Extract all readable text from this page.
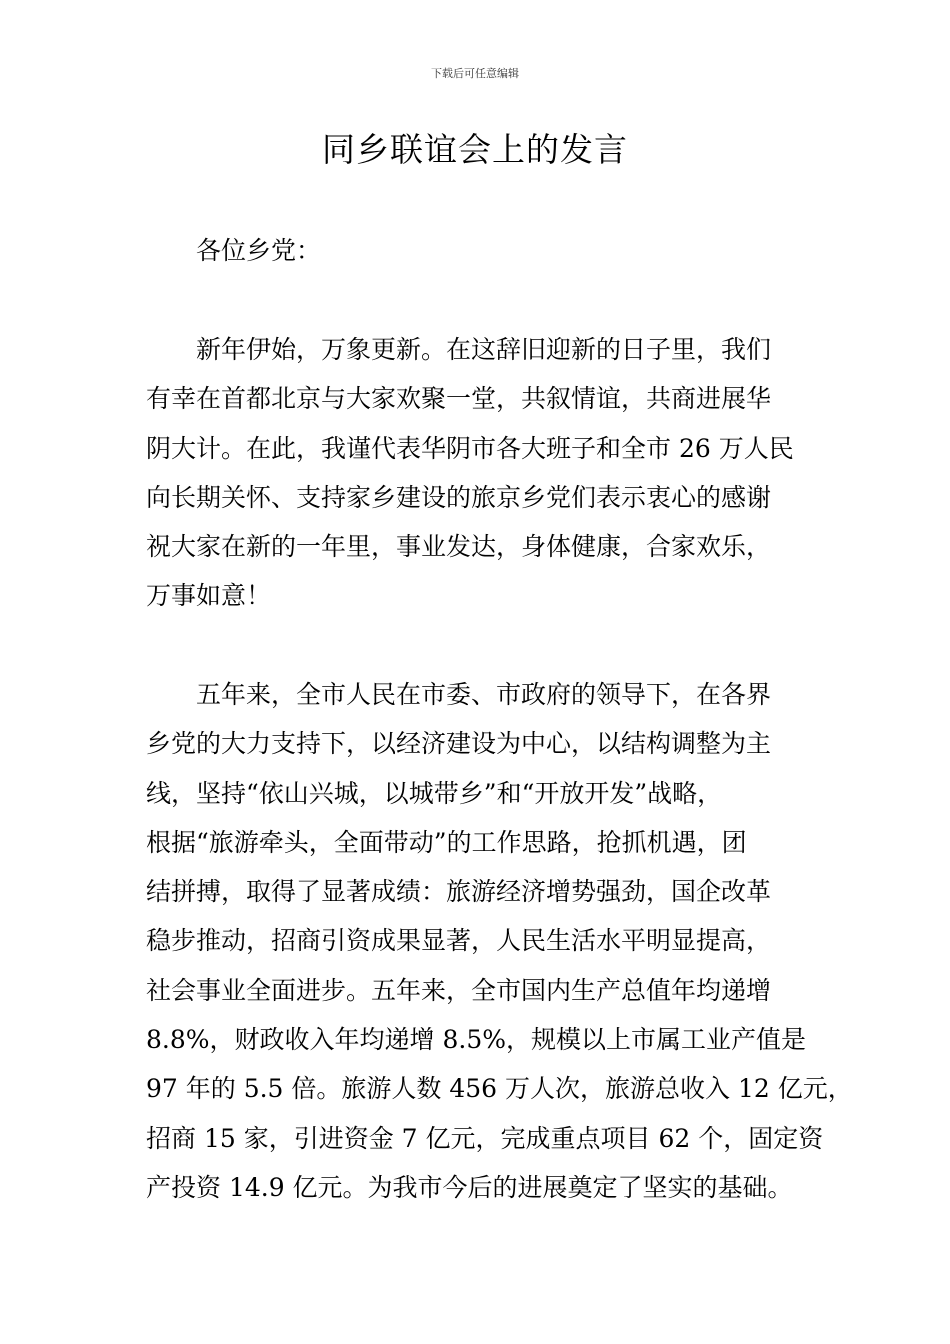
下载后可任意编辑
同乡联谊会上的发言

各位乡党：

新年伊始，万象更新。在这辞旧迎新的日子里，我们
有幸在首都北京与大家欢聚一堂，共叙情谊，共商进展华
阴大计。在此，我谨代表华阴市各大班子和全市 26 万人民
向长期关怀、支持家乡建设的旅京乡党们表示衷心的感谢
祝大家在新的一年里，事业发达，身体健康，合家欢乐，
万事如意！
五年来，全市人民在市委、市政府的领导下，在各界
乡党的大力支持下，以经济建设为中心，以结构调整为主
线，坚持“依山兴城，以城带乡”和“开放开发”战略，
根据“旅游牵头，全面带动”的工作思路，抢抓机遇，团
结拼搏，取得了显著成绩：旅游经济增势强劲，国企改革
稳步推动，招商引资成果显著，人民生活水平明显提高，
社会事业全面进步。五年来，全市国内生产总值年均递增
8.8%，财政收入年均递增 8.5%，规模以上市属工业产值是
97 年的 5.5 倍。旅游人数 456 万人次，旅游总收入 12 亿元，
招商 15 家，引进资金 7 亿元，完成重点项目 62 个，固定资
产投资 14.9 亿元。为我市今后的进展奠定了坚实的基础。
